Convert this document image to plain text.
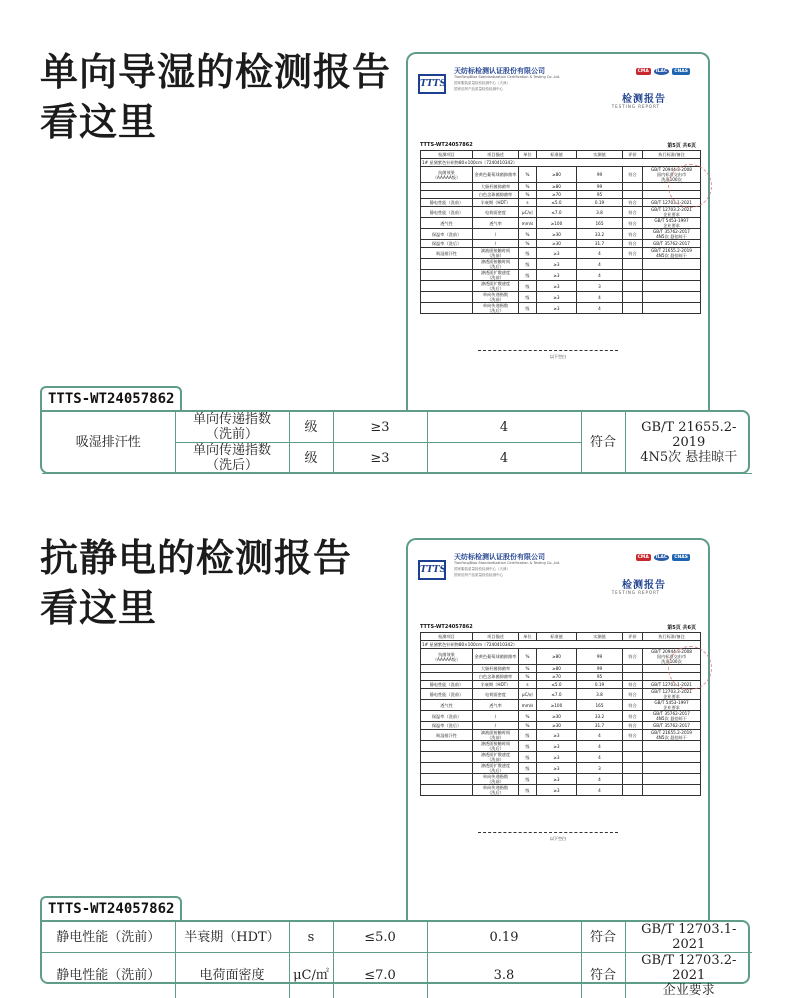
单向导湿的检测报告
看这里
TTTS
天纺标检测认证股份有限公司
TianFangBiao Standardization Certification & Testing Co.,Ltd.
国家服装质量检验检测中心（天津）
国家纺织产品质量检验检测中心
CMA	ILAC	CNAS
检测报告
TESTING REPORT
TTTS-WT24057862	第5页 共6页
检测项目	项目描述	单位	标准值	实测值	评价	执行标准/备注
1# 星黛紫色针织物80×100cm（7240410342）						
抗菌效果
（AAAAA级）	金黄色葡萄球菌抑菌率	%	≥80	99	符合	GB/T 20944.3-2008
国内标准交由市
洗涤100次
	大肠杆菌抑菌率	%	≥80	99		
	白色念珠菌抑菌率	%	≥70	95		
静电性能（洗前）	半衰期（HDT）	s	≤5.0	0.19	符合	GB/T 12703.1-2021
静电性能（洗前）	电荷面密度	μC/㎡	≤7.0	3.8	符合	GB/T 12703.2-2021
企业要求
透气性	透气率	mm/s	≥100	165	符合	GB/T 5453-1997
企业要求
保温率（洗前）	/	%	≥30	33.2	符合	GB/T 35762-2017
4N5次 悬挂晾干
保温率（洗后）	/	%	≥30	31.7	符合	GB/T 35762-2017
吸湿排汗性	滴液面接触时间
（洗前）	级	≥3	4	符合	GB/T 21655.2-2019
4N5次 悬挂晾干
	渗透面接触时间
（洗后）	级	≥3	4		
	渗透面扩散速度
（洗前）	级	≥3	4		
	渗透面扩散速度
（洗后）	级	≥3	3		
	单向传递指数
（洗前）	级	≥3	4		
	单向传递指数
（洗后）	级	≥3	4		
以下空白
TTTS-WT24057862
吸湿排汗性	单向传递指数
（洗前）	级	≥3	4	符合	GB/T 21655.2-2019
4N5次 悬挂晾干
	单向传递指数
（洗后）	级	≥3	4		
抗静电的检测报告
看这里
TTTS
天纺标检测认证股份有限公司
TianFangBiao Standardization Certification & Testing Co.,Ltd.
国家服装质量检验检测中心（天津）
国家纺织产品质量检验检测中心
CMA	ILAC	CNAS
检测报告
TESTING REPORT
TTTS-WT24057862	第5页 共6页
检测项目	项目描述	单位	标准值	实测值	评价	执行标准/备注
1# 星黛紫色针织物80×100cm（7240410342）						
抗菌效果
（AAAAA级）	金黄色葡萄球菌抑菌率	%	≥80	99	符合	GB/T 20944.3-2008
国内标准交由市
洗涤100次
	大肠杆菌抑菌率	%	≥80	99		
	白色念珠菌抑菌率	%	≥70	95		
静电性能（洗前）	半衰期（HDT）	s	≤5.0	0.19	符合	GB/T 12703.1-2021
静电性能（洗前）	电荷面密度	μC/㎡	≤7.0	3.8	符合	GB/T 12703.2-2021
企业要求
透气性	透气率	mm/s	≥100	165	符合	GB/T 5453-1997
企业要求
保温率（洗前）	/	%	≥30	33.2	符合	GB/T 35762-2017
4N5次 悬挂晾干
保温率（洗后）	/	%	≥30	31.7	符合	GB/T 35762-2017
吸湿排汗性	滴液面接触时间
（洗前）	级	≥3	4	符合	GB/T 21655.2-2019
4N5次 悬挂晾干
	渗透面接触时间
（洗后）	级	≥3	4		
	渗透面扩散速度
（洗前）	级	≥3	4		
	渗透面扩散速度
（洗后）	级	≥3	3		
	单向传递指数
（洗前）	级	≥3	4		
	单向传递指数
（洗后）	级	≥3	4		
以下空白
TTTS-WT24057862
静电性能（洗前）	半衰期（HDT）	s	≤5.0	0.19	符合	GB/T 12703.1-2021
静电性能（洗前）	电荷面密度	μC/㎡	≤7.0	3.8	符合	GB/T 12703.2-2021
企业要求
